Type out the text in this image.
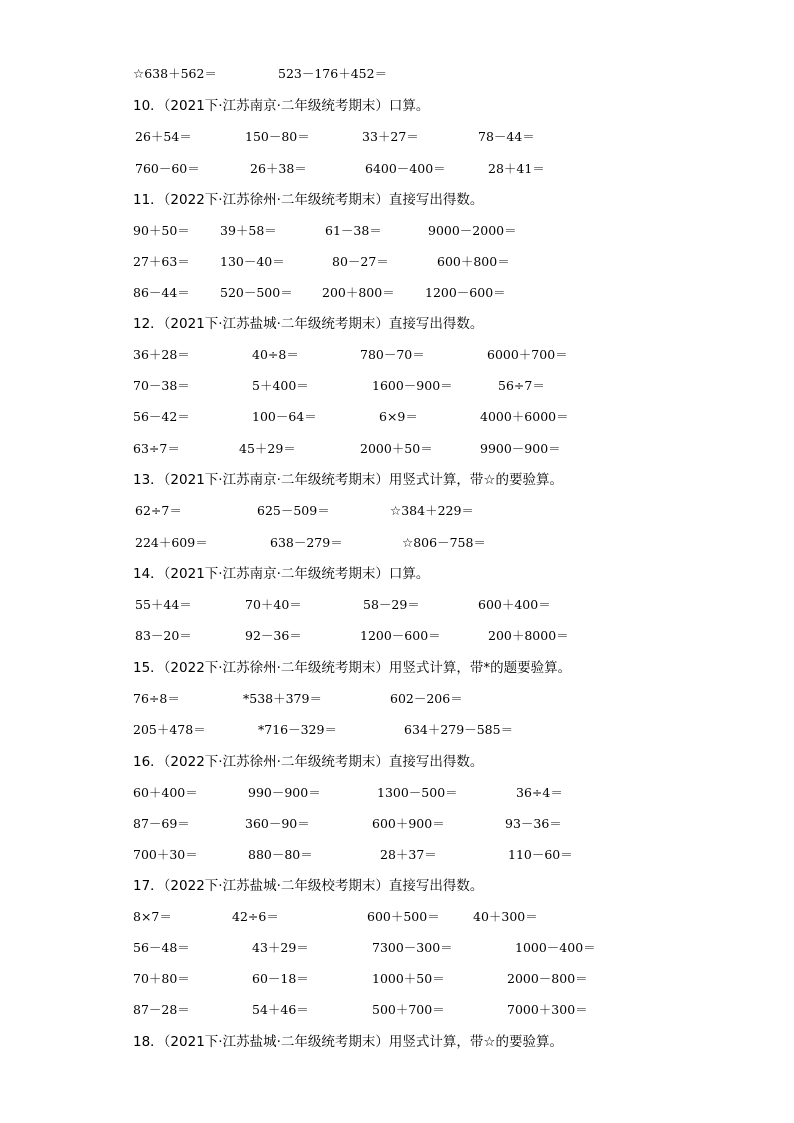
☆638＋562＝	523－176＋452＝
10．（2021下·江苏南京·二年级统考期末）口算。
26＋54＝	150－80＝	33＋27＝	78－44＝
760－60＝	26＋38＝	6400－400＝	28＋41＝
11．（2022下·江苏徐州·二年级统考期末）直接写出得数。
90＋50＝ 39＋58＝	61－38＝	9000－2000＝
27＋63＝ 130－40＝	80－27＝	600＋800＝
86－44＝ 520－500＝ 200＋800＝ 1200－600＝
12．（2021下·江苏盐城·二年级统考期末）直接写出得数。
36＋28＝	40÷8＝	780－70＝	6000＋700＝
70－38＝	5＋400＝	1600－900＝	56÷7＝
56－42＝	100－64＝	6×9＝	4000＋6000＝
63÷7＝	45＋29＝	2000＋50＝	9900－900＝
13．（2021下·江苏南京·二年级统考期末）用竖式计算，带☆的要验算。
62÷7＝	625－509＝	☆384＋229＝
224＋609＝	638－279＝	☆806－758＝
14．（2021下·江苏南京·二年级统考期末）口算。
55＋44＝	70＋40＝	58－29＝	600＋400＝
83－20＝	92－36＝	1200－600＝	200＋8000＝
15．（2022下·江苏徐州·二年级统考期末）用竖式计算，带*的题要验算。
76÷8＝	*538＋379＝	602－206＝
205＋478＝	*716－329＝	634＋279－585＝
16．（2022下·江苏徐州·二年级统考期末）直接写出得数。
60＋400＝	990－900＝	1300－500＝	36÷4＝
87－69＝	360－90＝	600＋900＝	93－36＝
700＋30＝	880－80＝	28＋37＝	110－60＝
17．（2022下·江苏盐城·二年级校考期末）直接写出得数。
8×7＝	42÷6＝	600＋500＝	40＋300＝
56－48＝	43＋29＝	7300－300＝	1000－400＝
70＋80＝	60－18＝	1000＋50＝	2000－800＝
87－28＝	54＋46＝	500＋700＝	7000＋300＝
18．（2021下·江苏盐城·二年级统考期末）用竖式计算，带☆的要验算。
